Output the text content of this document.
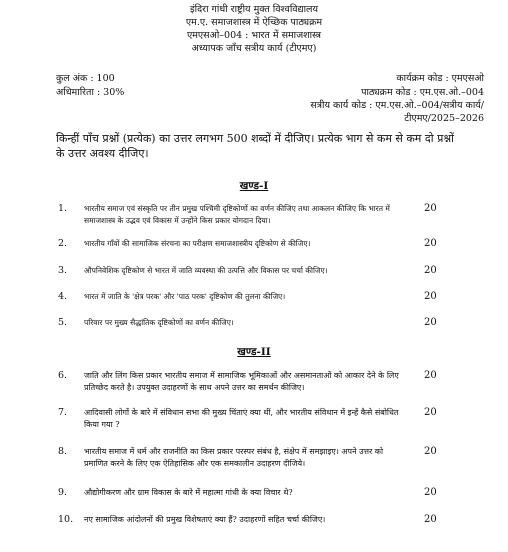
इंदिरा गांधी राष्ट्रीय मुक्त विश्वविद्यालय
एम.ए. समाजशास्त्र में ऐच्छिक पाठ्यक्रम
एमएसओ–004 : भारत में समाजशास्त्र
अध्यापक जाँच सत्रीय कार्य (टीएमए)
कुल अंक : 100
अधिमारिता : 30%
कार्यक्रम कोड : एमएसओ
पाठ्यक्रम कोड : एम.एस.ओ.–004
सत्रीय कार्य कोड : एम.एस.ओ.–004/सत्रीय कार्य/
टीएमए/2025–2026
किन्हीं पाँच प्रश्नों (प्रत्येक) का उत्तर लगभग 500 शब्दों में दीजिए। प्रत्येक भाग से कम से कम दो प्रश्नों के उत्तर अवश्य दीजिए।
खण्ड-I
1. भारतीय समाज एवं संस्कृति पर तीन प्रमुख पश्चिमी दृष्टिकोणों का वर्णन कीजिए तथा आकलन कीजिए कि भारत में समाजशास्त्र के उद्भव एवं विकास में उन्होंने किस प्रकार योगदान दिया।
20
2. भारतीय गाँवों की सामाजिक संरचना का परीक्षण समाजशास्त्रीय दृष्टिकोण से कीजिए।	20
3. औपनिवेशिक दृष्टिकोण से भारत में जाति व्यवस्था की उत्पत्ति और विकास पर चर्चा कीजिए।	20
4. भारत में जाति के 'क्षेत्र परक' और 'पाठ परक' दृष्टिकोण की तुलना कीजिए।	20
5. परिवार पर मुख्य सैद्धांतिक दृष्टिकोणों का वर्णन कीजिए।	20
खण्ड-II
6. जाति और लिंग किस प्रकार भारतीय समाज में सामाजिक भूमिकाओं और असमानताओं को आकार देने के लिए प्रतिच्छेद करते है। उपयुक्त उदाहरणों के साथ अपने उत्तर का समर्थन कीजिए।
20
7. आदिवासी लोगों के बारे में संविधान सभा की मुख्य चिंताएं क्या थीं, और भारतीय संविधान में इन्हें कैसे संबोधित किया गया ?
20
8. भारतीय समाज में धर्म और राजनीति का किस प्रकार परस्पर संबंध है, संक्षेप में समझाइए। अपने उत्तर को प्रमाणित करने के लिए एक ऐतिहासिक और एक समकालीन उदाहरण दीजिये।
20
9. औद्योगीकरण और ग्राम विकास के बारे में महात्मा गांधी के क्या विचार थे?	20
10. नए सामाजिक आंदोलनों की प्रमुख विशेषताएं क्या हैं? उदाहरणों सहित चर्चा कीजिए।	20
